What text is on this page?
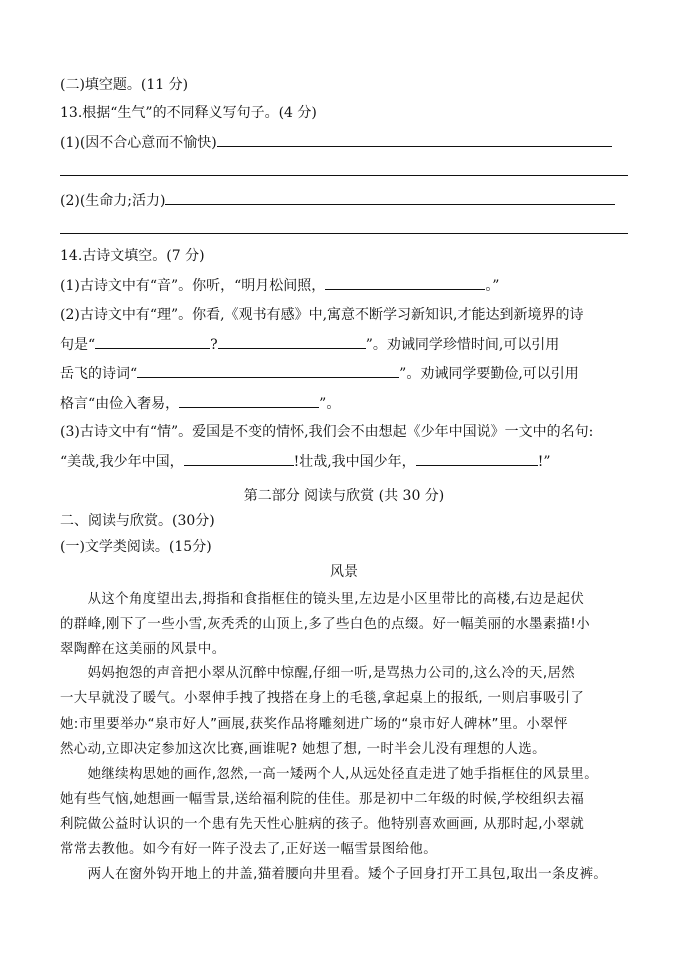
(二)填空题。(11 分)
13.根据“生气”的不同释义写句子。(4 分)
(1)(因不合心意而不愉快)
(2)(生命力;活力)
14.古诗文填空。(7 分)
(1)古诗文中有“音”。你听，“明月松间照，	。”
(2)古诗文中有“理”。你看,《观书有感》中,寓意不断学习新知识,才能达到新境界的诗
句是“	?	”。劝诫同学珍惜时间,可以引用
岳飞的诗词“	”。劝诫同学要勤俭,可以引用
格言“由俭入奢易，	”。
(3)古诗文中有“情”。爱国是不变的情怀,我们会不由想起《少年中国说》一文中的名句:
“美哉,我少年中国，	!壮哉,我中国少年，	!”
第二部分 阅读与欣赏 (共 30 分)
二、阅读与欣赏。(30分)
(一)文学类阅读。(15分)
风景
　　从这个角度望出去,拇指和食指框住的镜头里,左边是小区里带比的高楼,右边是起伏
的群峰,刚下了一些小雪,灰秃秃的山顶上,多了些白色的点缀。好一幅美丽的水墨素描!小
翠陶醉在这美丽的风景中。
　　妈妈抱怨的声音把小翠从沉醉中惊醒,仔细一听,是骂热力公司的,这么冷的天,居然
一大早就没了暖气。小翠伸手拽了拽搭在身上的毛毯,拿起桌上的报纸, 一则启事吸引了
她:市里要举办“泉市好人”画展,获奖作品将雕刻进广场的“泉市好人碑林”里。小翠怦
然心动,立即决定参加这次比赛,画谁呢? 她想了想, 一时半会儿没有理想的人选。
　　她继续构思她的画作,忽然,一高一矮两个人,从远处径直走进了她手指框住的风景里。
她有些气恼,她想画一幅雪景,送给福利院的佳佳。那是初中二年级的时候,学校组织去福
利院做公益时认识的一个患有先天性心脏病的孩子。他特别喜欢画画, 从那时起,小翠就
常常去教他。如今有好一阵子没去了,正好送一幅雪景图给他。
　　两人在窗外钩开地上的井盖,猫着腰向井里看。矮个子回身打开工具包,取出一条皮裤。
